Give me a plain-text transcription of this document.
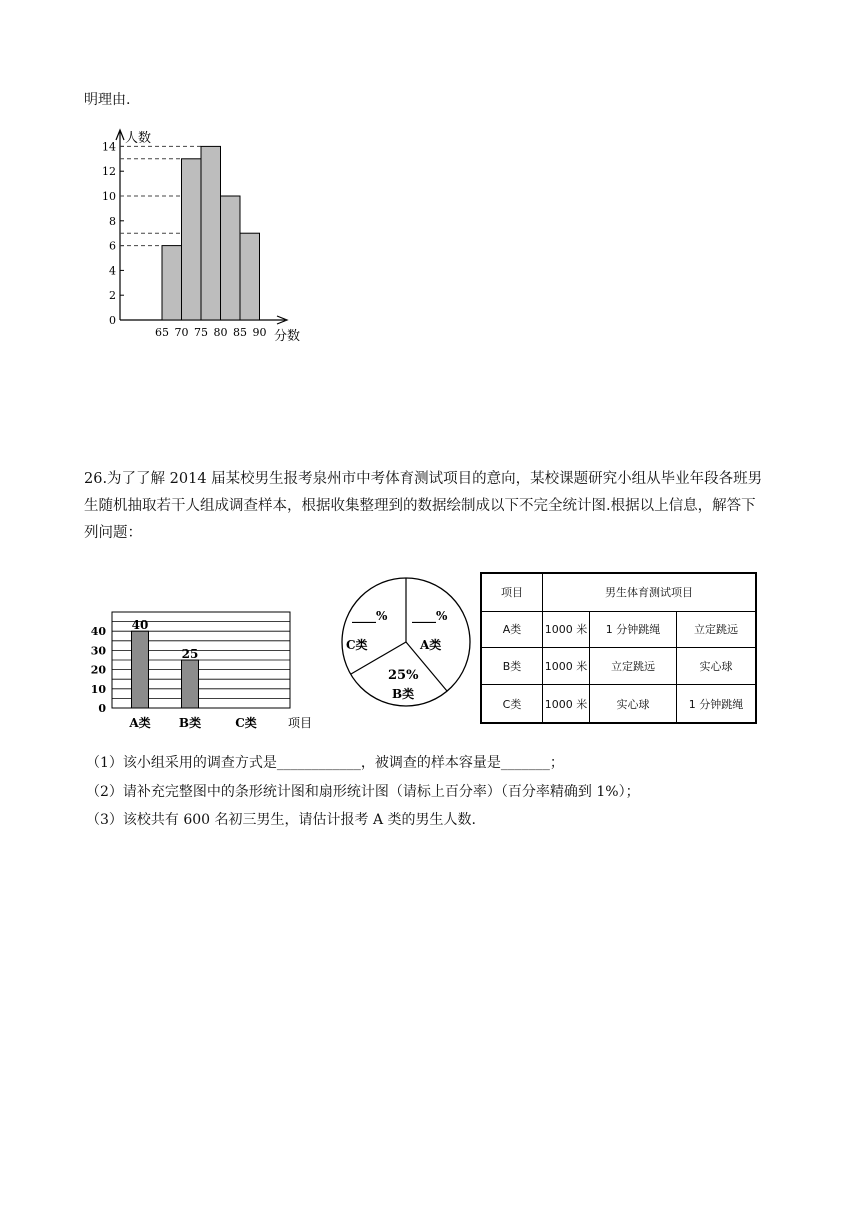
明理由.
0
2
4
6
8
10
12
14
65 70 75 80 85 90
人数
分数
26.为了了解 2014 届某校男生报考泉州市中考体育测试项目的意向，某校课题研究小组从毕业年段各班男
生随机抽取若干人组成调查样本，根据收集整理到的数据绘制成以下不完全统计图.根据以上信息，解答下
列问题：
0
10
20
30
40 40
25
A类 B类	C类	项目
____% ____%
C类	A类
25%
B类
项目	男生体育测试项目		
A类	1000 米	1 分钟跳绳	立定跳远
B类	1000 米	立定跳远	实心球
C类	1000 米	实心球	1 分钟跳绳
（1）该小组采用的调查方式是____________，被调查的样本容量是_______；
（2）请补充完整图中的条形统计图和扇形统计图（请标上百分率）（百分率精确到 1%）；
（3）该校共有 600 名初三男生，请估计报考 A 类的男生人数.
